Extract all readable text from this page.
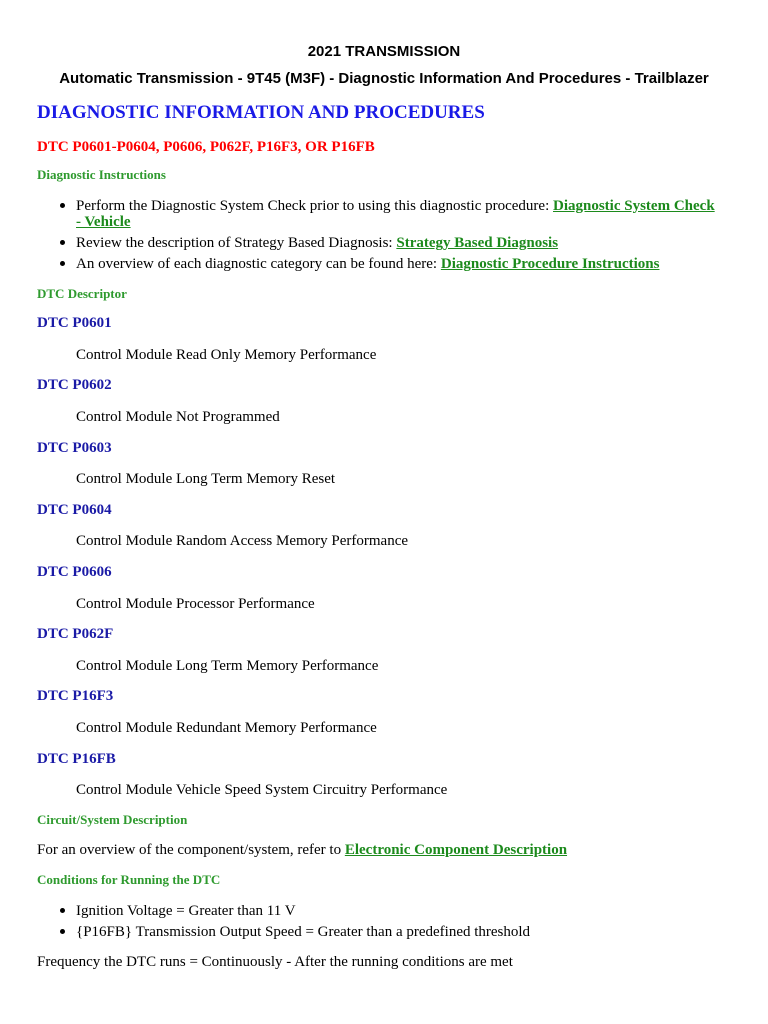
2021 TRANSMISSION
Automatic Transmission - 9T45 (M3F) - Diagnostic Information And Procedures - Trailblazer
DIAGNOSTIC INFORMATION AND PROCEDURES
DTC P0601-P0604, P0606, P062F, P16F3, OR P16FB
Diagnostic Instructions
Perform the Diagnostic System Check prior to using this diagnostic procedure: Diagnostic System Check - Vehicle
Review the description of Strategy Based Diagnosis: Strategy Based Diagnosis
An overview of each diagnostic category can be found here: Diagnostic Procedure Instructions
DTC Descriptor
DTC P0601
Control Module Read Only Memory Performance
DTC P0602
Control Module Not Programmed
DTC P0603
Control Module Long Term Memory Reset
DTC P0604
Control Module Random Access Memory Performance
DTC P0606
Control Module Processor Performance
DTC P062F
Control Module Long Term Memory Performance
DTC P16F3
Control Module Redundant Memory Performance
DTC P16FB
Control Module Vehicle Speed System Circuitry Performance
Circuit/System Description
For an overview of the component/system, refer to Electronic Component Description
Conditions for Running the DTC
Ignition Voltage = Greater than 11 V
{P16FB} Transmission Output Speed = Greater than a predefined threshold
Frequency the DTC runs = Continuously - After the running conditions are met
